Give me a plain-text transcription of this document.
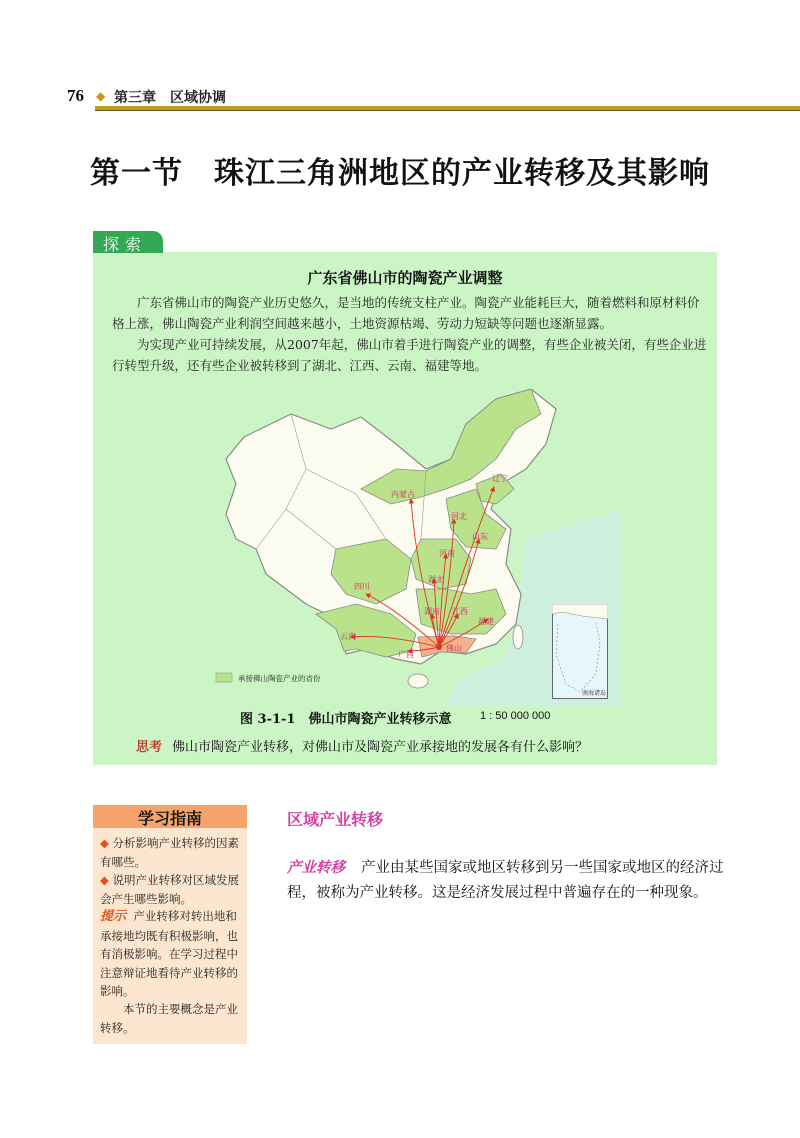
76 ◆ 第三章　区域协调
第一节　珠江三角洲地区的产业转移及其影响
探索
广东省佛山市的陶瓷产业调整
广东省佛山市的陶瓷产业历史悠久，是当地的传统支柱产业。陶瓷产业能耗巨大，随着燃料和原材料价格上涨，佛山陶瓷产业利润空间越来越小，土地资源枯竭、劳动力短缺等问题也逐渐显露。
为实现产业可持续发展，从2007年起，佛山市着手进行陶瓷产业的调整，有些企业被关闭，有些企业进行转型升级，还有些企业被转移到了湖北、江西、云南、福建等地。
内蒙古
辽宁
河北
山东
河南
湖北
四川
湖南 江西
福建
云南
广西
佛山
承接佛山陶瓷产业的省份
南海诸岛
图 3-1-1　佛山市陶瓷产业转移示意	1 : 50 000 000
思考 佛山市陶瓷产业转移，对佛山市及陶瓷产业承接地的发展各有什么影响？
学习指南
◆ 分析影响产业转移的因素有哪些。
◆ 说明产业转移对区域发展会产生哪些影响。
提示 产业转移对转出地和承接地均既有积极影响，也有消极影响。在学习过程中注意辩证地看待产业转移的影响。
本节的主要概念是产业转移。
区域产业转移
产业转移 产业由某些国家或地区转移到另一些国家或地区的经济过程，被称为产业转移。这是经济发展过程中普遍存在的一种现象。
